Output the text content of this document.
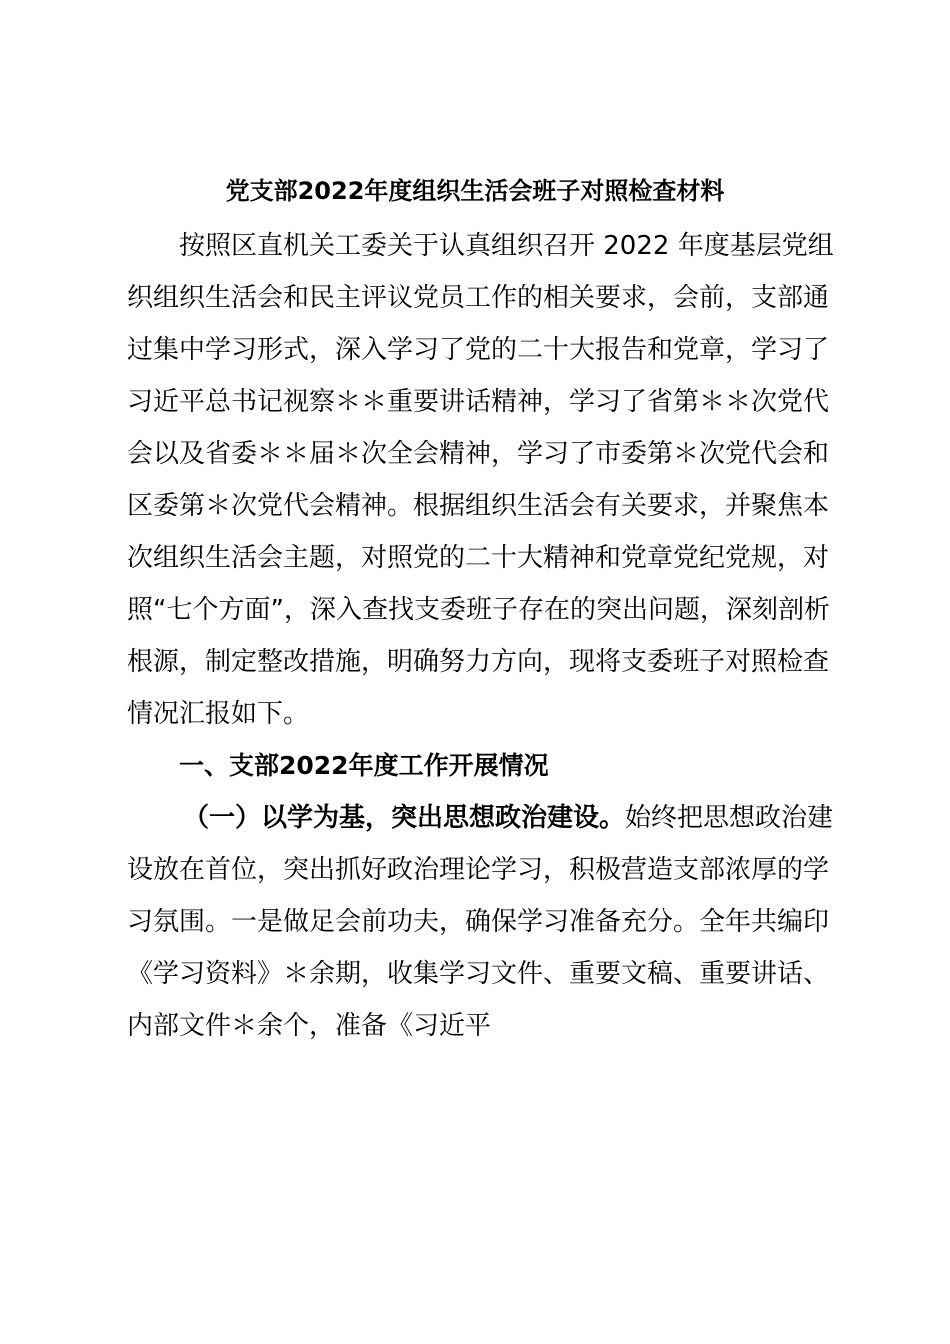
党支部2022年度组织生活会班子对照检查材料
按照区直机关工委关于认真组织召开 2022 年度基层党组
织组织生活会和民主评议党员工作的相关要求，会前，支部通
过集中学习形式，深入学习了党的二十大报告和党章，学习了
习近平总书记视察＊＊重要讲话精神，学习了省第＊＊次党代
会以及省委＊＊届＊次全会精神，学习了市委第＊次党代会和
区委第＊次党代会精神。根据组织生活会有关要求，并聚焦本
次组织生活会主题，对照党的二十大精神和党章党纪党规，对
照“七个方面”，深入查找支委班子存在的突出问题，深刻剖析
根源，制定整改措施，明确努力方向，现将支委班子对照检查
情况汇报如下。
一、支部2022年度工作开展情况
（一）以学为基，突出思想政治建设。始终把思想政治建
设放在首位，突出抓好政治理论学习，积极营造支部浓厚的学
习氛围。一是做足会前功夫，确保学习准备充分。全年共编印
《学习资料》＊余期，收集学习文件、重要文稿、重要讲话、
内部文件＊余个，准备《习近平
